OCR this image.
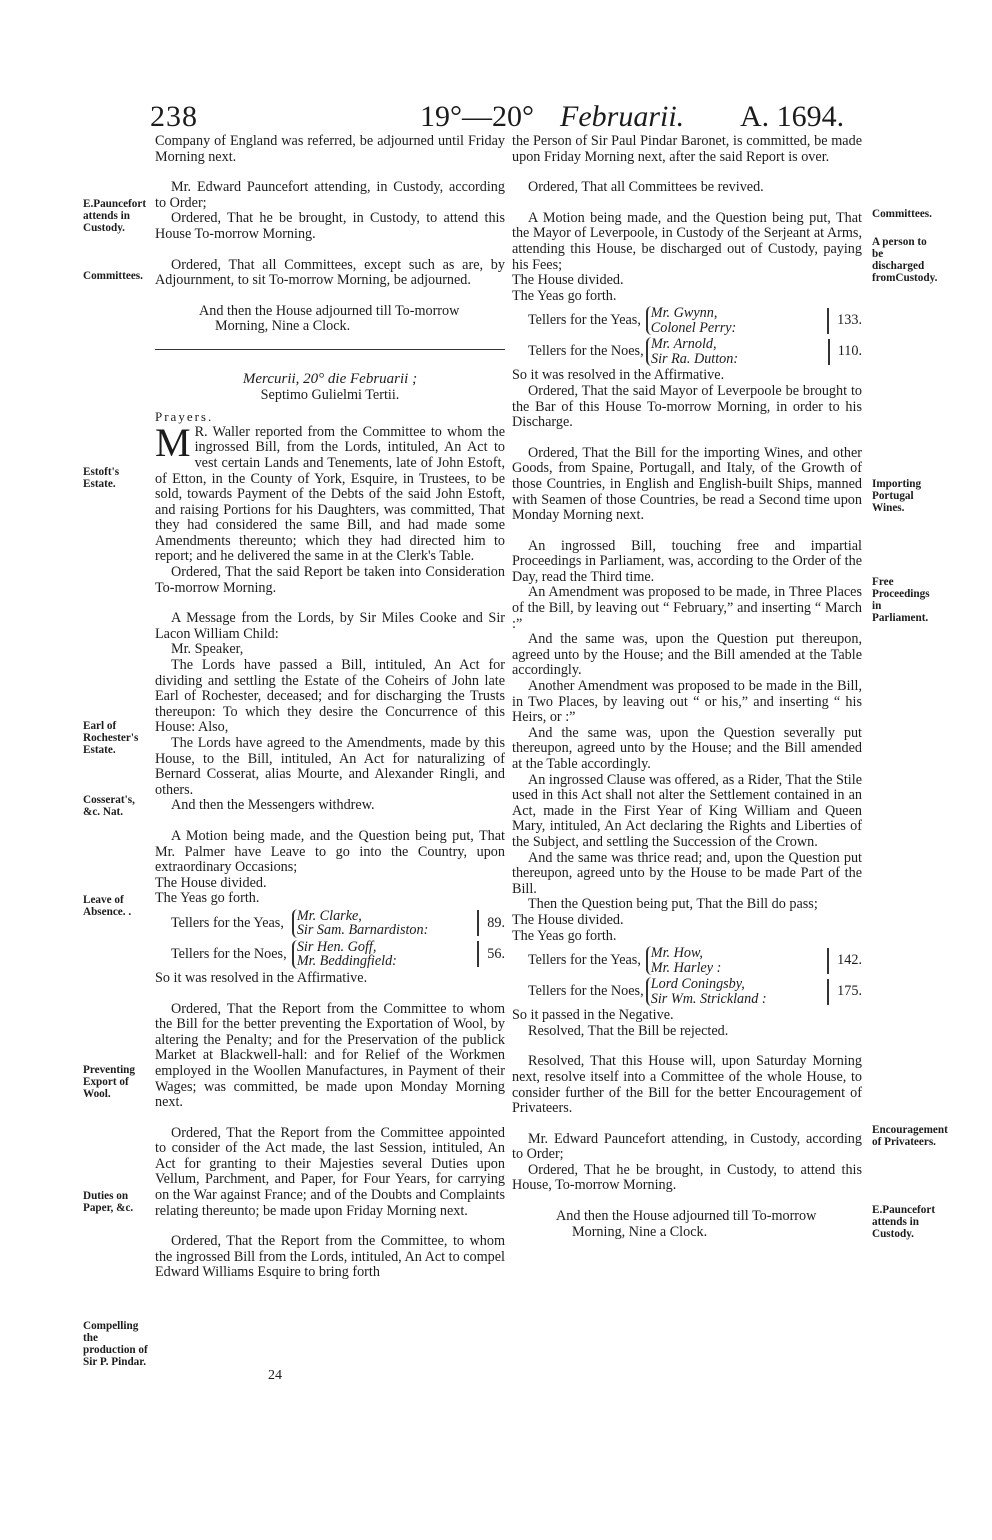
238	19°—20° Februarii. A. 1694.

Company of England was referred, be adjourned until Friday Morning next.

Mr. Edward Pauncefort attending, in Custody, according to Order;

Ordered, That he be brought, in Custody, to attend this House To-morrow Morning.

Ordered, That all Committees, except such as are, by Adjournment, to sit To-morrow Morning, be adjourned.

And then the House adjourned till To-morrow Morning, Nine a Clock.

Mercurii, 20° die Februarii ;

Septimo Gulielmi Tertii.

Prayers.

M R. Waller reported from the Committee to whom the ingrossed Bill, from the Lords, intituled, An Act to vest certain Lands and Tenements, late of John Estoft, of Etton, in the County of York, Esquire, in Trustees, to be sold, towards Payment of the Debts of the said John Estoft, and raising Portions for his Daughters, was committed, That they had considered the same Bill, and had made some Amendments thereunto; which they had directed him to report; and he delivered the same in at the Clerk's Table.

Ordered, That the said Report be taken into Consideration To-morrow Morning.

A Message from the Lords, by Sir Miles Cooke and Sir Lacon William Child:

Mr. Speaker,

The Lords have passed a Bill, intituled, An Act for dividing and settling the Estate of the Coheirs of John late Earl of Rochester, deceased; and for discharging the Trusts thereupon: To which they desire the Concurrence of this House: Also,

The Lords have agreed to the Amendments, made by this House, to the Bill, intituled, An Act for naturalizing of Bernard Cosserat, alias Mourte, and Alexander Ringli, and others.

And then the Messengers withdrew.

A Motion being made, and the Question being put, That Mr. Palmer have Leave to go into the Country, upon extraordinary Occasions;

The House divided.

The Yeas go forth.

Tellers for the Yeas, Mr. Clarke,
Sir Sam. Barnardiston:	89.
Tellers for the Noes, Sir Hen. Goff,
Mr. Beddingfield:	56.

So it was resolved in the Affirmative.

Ordered, That the Report from the Committee to whom the Bill for the better preventing the Exportation of Wool, by altering the Penalty; and for the Preservation of the publick Market at Blackwell-hall: and for Relief of the Workmen employed in the Woollen Manufactures, in Payment of their Wages; was committed, be made upon Monday Morning next.

Ordered, That the Report from the Committee appointed to consider of the Act made, the last Session, intituled, An Act for granting to their Majesties several Duties upon Vellum, Parchment, and Paper, for Four Years, for carrying on the War against France; and of the Doubts and Complaints relating thereunto; be made upon Friday Morning next.

Ordered, That the Report from the Committee, to whom the ingrossed Bill from the Lords, intituled, An Act to compel Edward Williams Esquire to bring forth

the Person of Sir Paul Pindar Baronet, is committed, be made upon Friday Morning next, after the said Report is over.

Ordered, That all Committees be revived.

A Motion being made, and the Question being put, That the Mayor of Leverpoole, in Custody of the Serjeant at Arms, attending this House, be discharged out of Custody, paying his Fees;

The House divided.

The Yeas go forth.

Tellers for the Yeas, Mr. Gwynn,
Colonel Perry:	133.
Tellers for the Noes, Mr. Arnold,
Sir Ra. Dutton:	110.

So it was resolved in the Affirmative.

Ordered, That the said Mayor of Leverpoole be brought to the Bar of this House To-morrow Morning, in order to his Discharge.

Ordered, That the Bill for the importing Wines, and other Goods, from Spaine, Portugall, and Italy, of the Growth of those Countries, in English and English-built Ships, manned with Seamen of those Countries, be read a Second time upon Monday Morning next.

An ingrossed Bill, touching free and impartial Proceedings in Parliament, was, according to the Order of the Day, read the Third time.

An Amendment was proposed to be made, in Three Places of the Bill, by leaving out “ February,” and inserting “ March :”

And the same was, upon the Question put thereupon, agreed unto by the House; and the Bill amended at the Table accordingly.

Another Amendment was proposed to be made in the Bill, in Two Places, by leaving out “ or his,” and inserting “ his Heirs, or :”

And the same was, upon the Question severally put thereupon, agreed unto by the House; and the Bill amended at the Table accordingly.

An ingrossed Clause was offered, as a Rider, That the Stile used in this Act shall not alter the Settlement contained in an Act, made in the First Year of King William and Queen Mary, intituled, An Act declaring the Rights and Liberties of the Subject, and settling the Succession of the Crown.

And the same was thrice read; and, upon the Question put thereupon, agreed unto by the House to be made Part of the Bill.

Then the Question being put, That the Bill do pass;

The House divided.

The Yeas go forth.

Tellers for the Yeas, Mr. How,
Mr. Harley :	142.
Tellers for the Noes, Lord Coningsby,
Sir Wm. Strickland :	175.

So it passed in the Negative.

Resolved, That the Bill be rejected.

Resolved, That this House will, upon Saturday Morning next, resolve itself into a Committee of the whole House, to consider further of the Bill for the better Encouragement of Privateers.

Mr. Edward Pauncefort attending, in Custody, according to Order;

Ordered, That he be brought, in Custody, to attend this House, To-morrow Morning.

And then the House adjourned till To-morrow Morning, Nine a Clock.

E.Pauncefort attends in Custody.
Committees.
Estoft's Estate.
Earl of Rochester's Estate.
Cosserat's, &c. Nat.
Leave of Absence. .
Preventing Export of Wool.
Duties on Paper, &c.
Compelling the production of Sir P. Pindar.
Committees.
A person to be discharged fromCustody.
Importing Portugal Wines.
Free Proceedings in Parliament.
Encouragement of Privateers.
E.Pauncefort attends in Custody.
24
